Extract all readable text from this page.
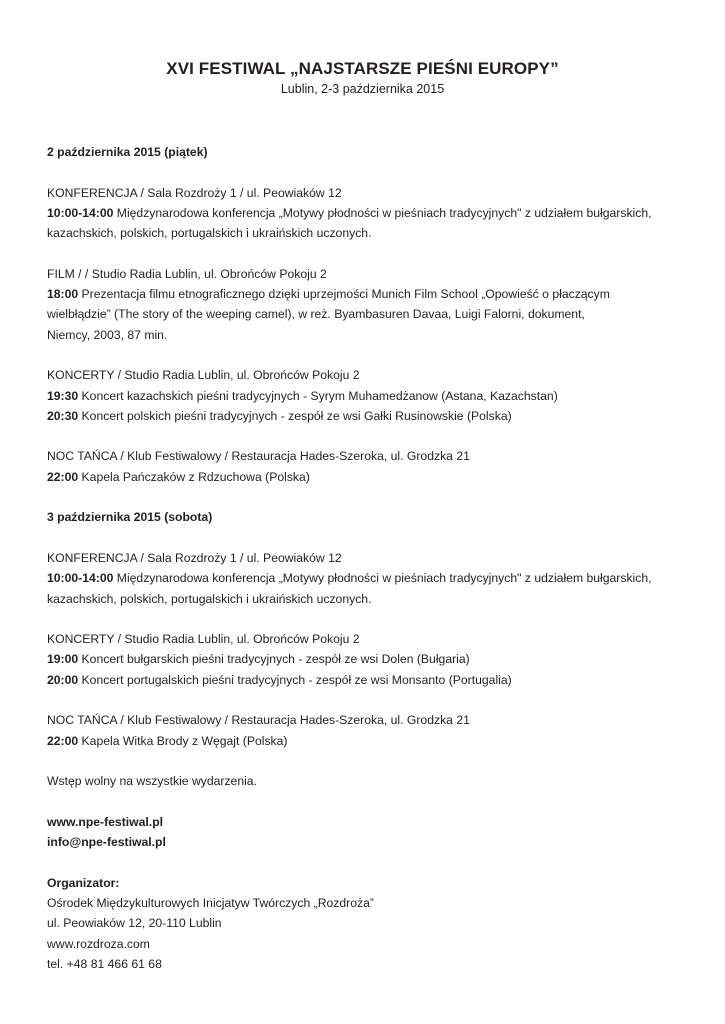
XVI FESTIWAL „NAJSTARSZE PIEŚNI EUROPY”
Lublin, 2-3 października 2015
2 października 2015 (piątek)
KONFERENCJA / Sala Rozdroży 1 / ul. Peowiaków 12
10:00-14:00 Międzynarodowa konferencja „Motywy płodności w pieśniach tradycyjnych" z udziałem bułgarskich,
kazachskich, polskich, portugalskich i ukraińskich uczonych.
FILM / / Studio Radia Lublin, ul. Obrońców Pokoju 2
18:00 Prezentacja filmu etnograficznego dzięki uprzejmości Munich Film School „Opowieść o płaczącym
wielbłądzie” (The story of the weeping camel), w reż. Byambasuren Davaa, Luigi Falorni, dokument,
Niemcy, 2003, 87 min.
KONCERTY / Studio Radia Lublin, ul. Obrońców Pokoju 2
19:30 Koncert kazachskich pieśni tradycyjnych - Syrym Muhamedżanow (Astana, Kazachstan)
20:30 Koncert polskich pieśni tradycyjnych - zespół ze wsi Gałki Rusinowskie (Polska)
NOC TAŃCA / Klub Festiwalowy / Restauracja Hades-Szeroka, ul. Grodzka 21
22:00 Kapela Pańczaków z Rdzuchowa (Polska)
3 października 2015 (sobota)
KONFERENCJA / Sala Rozdroży 1 / ul. Peowiaków 12
10:00-14:00 Międzynarodowa konferencja „Motywy płodności w pieśniach tradycyjnych" z udziałem bułgarskich,
kazachskich, polskich, portugalskich i ukraińskich uczonych.
KONCERTY / Studio Radia Lublin, ul. Obrońców Pokoju 2
19:00 Koncert bułgarskich pieśni tradycyjnych - zespół ze wsi Dolen (Bułgaria)
20:00 Koncert portugalskich pieśni tradycyjnych - zespół ze wsi Monsanto (Portugalia)
NOC TAŃCA / Klub Festiwalowy / Restauracja Hades-Szeroka, ul. Grodzka 21
22:00 Kapela Witka Brody z Węgajt (Polska)
Wstęp wolny na wszystkie wydarzenia.
www.npe-festiwal.pl
info@npe-festiwal.pl
Organizator:
Ośrodek Międzykulturowych Inicjatyw Twórczych „Rozdroża”
ul. Peowiaków 12, 20-110 Lublin
www.rozdroza.com
tel. +48 81 466 61 68
